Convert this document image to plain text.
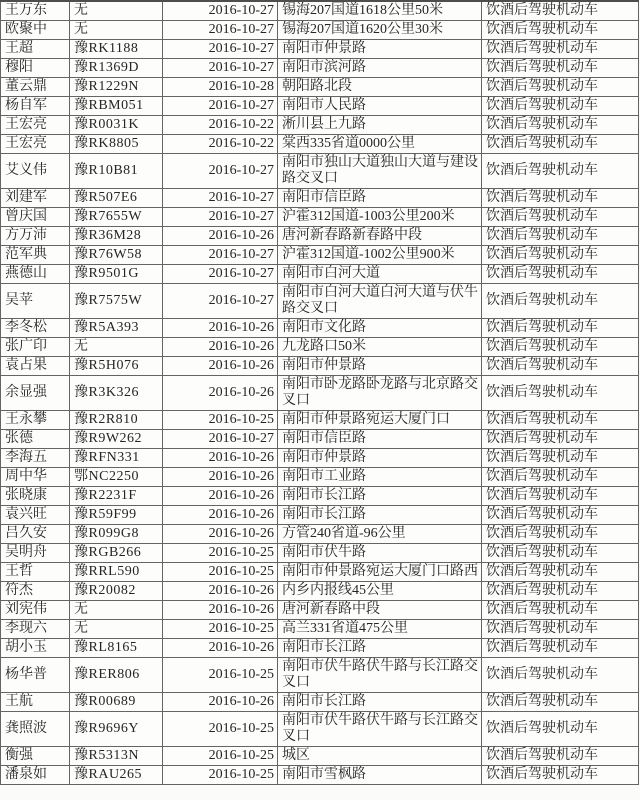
王万东	无	2016-10-27	锡海207国道1618公里50米	饮酒后驾驶机动车
欧聚中	无	2016-10-27	锡海207国道1620公里30米	饮酒后驾驶机动车
王超	豫RK1188	2016-10-27	南阳市仲景路	饮酒后驾驶机动车
穆阳	豫R1369D	2016-10-27	南阳市滨河路	饮酒后驾驶机动车
董云鼎	豫R1229N	2016-10-28	朝阳路北段	饮酒后驾驶机动车
杨自军	豫RBM051	2016-10-27	南阳市人民路	饮酒后驾驶机动车
王宏亮	豫R0031K	2016-10-22	淅川县上九路	饮酒后驾驶机动车
王宏亮	豫RK8805	2016-10-22	棠西335省道0000公里	饮酒后驾驶机动车
艾义伟	豫R10B81	2016-10-27	南阳市独山大道独山大道与建设路交叉口	饮酒后驾驶机动车
刘建军	豫R507E6	2016-10-27	南阳市信臣路	饮酒后驾驶机动车
曾庆国	豫R7655W	2016-10-27	沪霍312国道-1003公里200米	饮酒后驾驶机动车
方万沛	豫R36M28	2016-10-26	唐河新春路新春路中段	饮酒后驾驶机动车
范军典	豫R76W58	2016-10-27	沪霍312国道-1002公里900米	饮酒后驾驶机动车
燕德山	豫R9501G	2016-10-27	南阳市白河大道	饮酒后驾驶机动车
吴苹	豫R7575W	2016-10-27	南阳市白河大道白河大道与伏牛路交叉口	饮酒后驾驶机动车
李冬松	豫R5A393	2016-10-26	南阳市文化路	饮酒后驾驶机动车
张广印	无	2016-10-26	九龙路口50米	饮酒后驾驶机动车
袁占果	豫R5H076	2016-10-26	南阳市仲景路	饮酒后驾驶机动车
余显强	豫R3K326	2016-10-26	南阳市卧龙路卧龙路与北京路交叉口	饮酒后驾驶机动车
王永攀	豫R2R810	2016-10-25	南阳市仲景路宛运大厦门口	饮酒后驾驶机动车
张德	豫R9W262	2016-10-27	南阳市信臣路	饮酒后驾驶机动车
李海五	豫RFN331	2016-10-26	南阳市仲景路	饮酒后驾驶机动车
周中华	鄂NC2250	2016-10-26	南阳市工业路	饮酒后驾驶机动车
张晓康	豫R2231F	2016-10-26	南阳市长江路	饮酒后驾驶机动车
袁兴旺	豫R59F99	2016-10-26	南阳市长江路	饮酒后驾驶机动车
吕久安	豫R099G8	2016-10-26	方管240省道-96公里	饮酒后驾驶机动车
吴明舟	豫RGB266	2016-10-25	南阳市伏牛路	饮酒后驾驶机动车
王哲	豫RRL590	2016-10-25	南阳市仲景路宛运大厦门口路西	饮酒后驾驶机动车
符杰	豫R20082	2016-10-26	内乡内报线45公里	饮酒后驾驶机动车
刘宪伟	无	2016-10-26	唐河新春路中段	饮酒后驾驶机动车
李现六	无	2016-10-25	高兰331省道475公里	饮酒后驾驶机动车
胡小玉	豫RL8165	2016-10-26	南阳市长江路	饮酒后驾驶机动车
杨华普	豫RER806	2016-10-25	南阳市伏牛路伏牛路与长江路交叉口	饮酒后驾驶机动车
王航	豫R00689	2016-10-26	南阳市长江路	饮酒后驾驶机动车
龚照波	豫R9696Y	2016-10-25	南阳市伏牛路伏牛路与长江路交叉口	饮酒后驾驶机动车
衡强	豫R5313N	2016-10-25	城区	饮酒后驾驶机动车
潘泉如	豫RAU265	2016-10-25	南阳市雪枫路	饮酒后驾驶机动车
